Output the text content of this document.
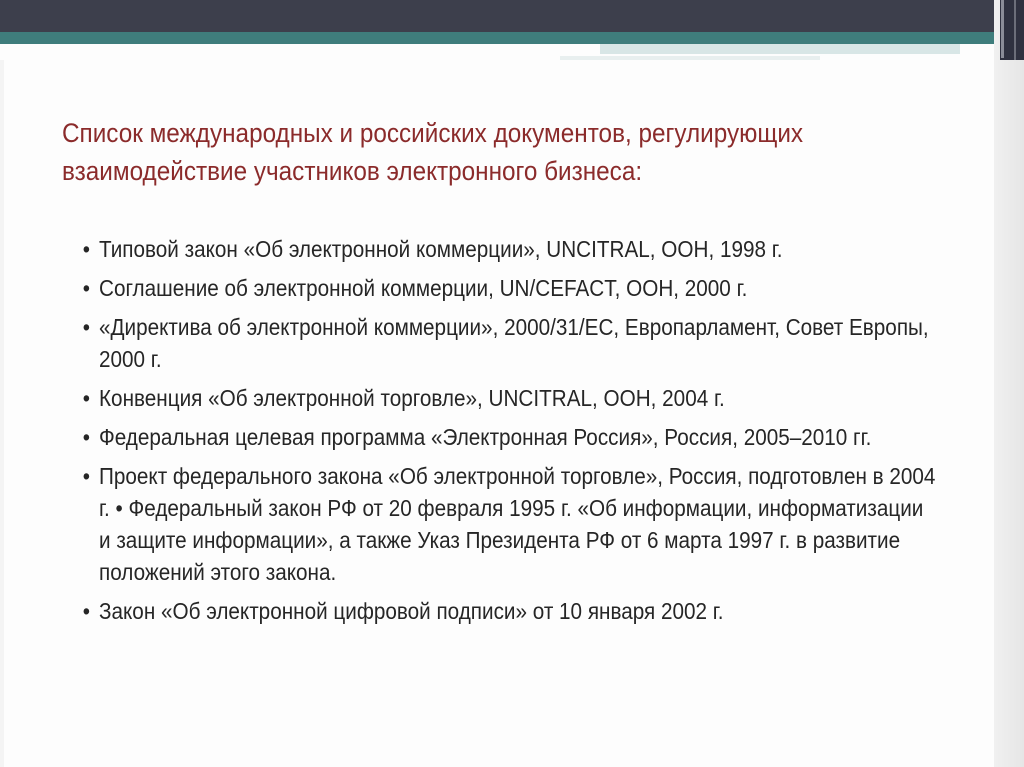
Список международных и российских документов, регулирующих взаимодействие участников электронного бизнеса:
• Типовой закон «Об электронной коммерции», UNCITRAL, ООН, 1998 г.
• Соглашение об электронной коммерции, UN/CEFACT, ООН, 2000 г.
• «Директива об электронной коммерции», 2000/31/ЕС, Европарламент, Совет Европы, 2000 г.
• Конвенция «Об электронной торговле», UNCITRAL, ООН, 2004 г.
• Федеральная целевая программа «Электронная Россия», Россия, 2005–2010 гг.
• Проект федерального закона «Об электронной торговле», Россия, подготовлен в 2004 г. • Федеральный закон РФ от 20 февраля 1995 г. «Об информации, информатизации и защите информации», а также Указ Президента РФ от 6 марта 1997 г. в развитие положений этого закона.
• Закон «Об электронной цифровой подписи» от 10 января 2002 г.
